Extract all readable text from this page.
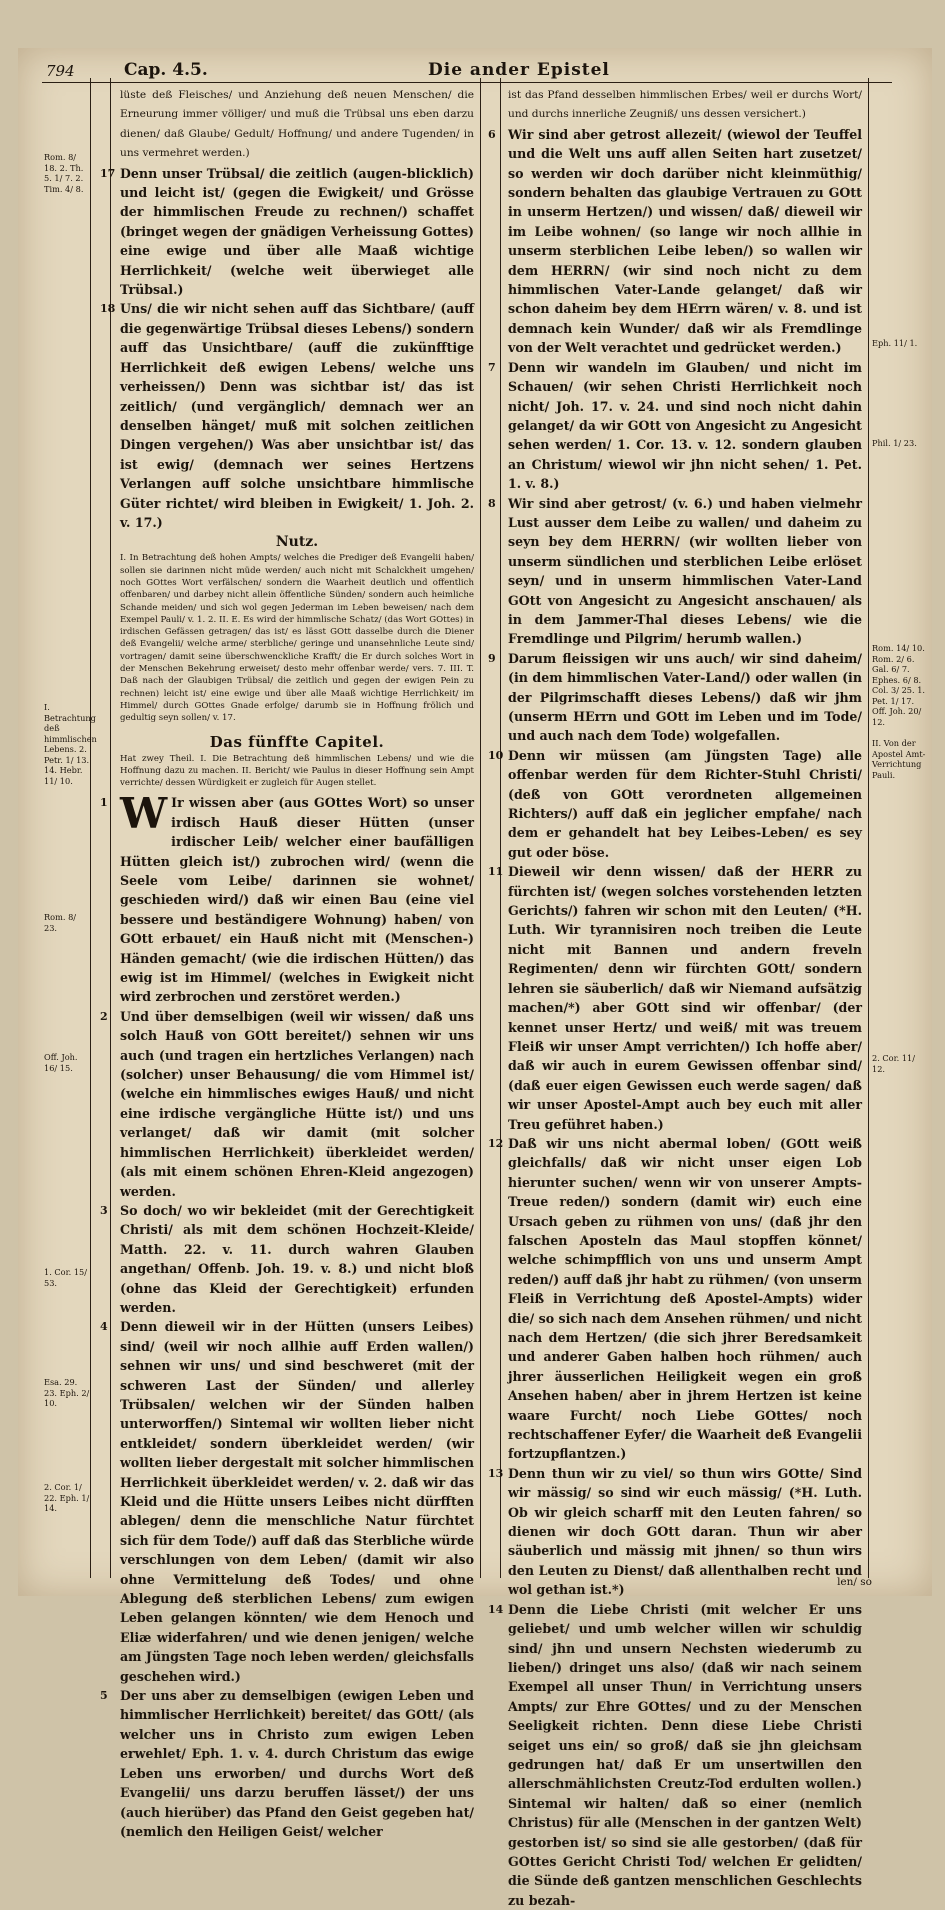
794	Cap. 4.5.	Die ander Epistel
Rom. 8/ 18. 2. Th. 5. 1/ 7. 2. Tim. 4/ 8.
I. Betrachtung deß himmlischen Lebens. 2. Petr. 1/ 13. 14. Hebr. 11/ 10.
Rom. 8/ 23.
Off. Joh. 16/ 15.
1. Cor. 15/ 53.
Esa. 29. 23. Eph. 2/ 10.
2. Cor. 1/ 22. Eph. 1/ 14.

lüste deß Fleisches/ und Anziehung deß neuen Menschen/ die Erneurung immer völliger/ und muß die Trübsal uns eben darzu dienen/ daß Glaube/ Gedult/ Hoffnung/ und andere Tugenden/ in uns vermehret werden.)

17 Denn unser Trübsal/ die zeitlich (augen-blicklich) und leicht ist/ (gegen die Ewigkeit/ und Grösse der himmlischen Freude zu rechnen/) schaffet (bringet wegen der gnädigen Verheissung Gottes) eine ewige und über alle Maaß wichtige Herrlichkeit/ (welche weit überwieget alle Trübsal.)

18 Uns/ die wir nicht sehen auff das Sichtbare/ (auff die gegenwärtige Trübsal dieses Lebens/) sondern auff das Unsichtbare/ (auff die zukünfftige Herrlichkeit deß ewigen Lebens/ welche uns verheissen/) Denn was sichtbar ist/ das ist zeitlich/ (und vergänglich/ demnach wer an denselben hänget/ muß mit solchen zeitlichen Dingen vergehen/) Was aber unsichtbar ist/ das ist ewig/ (demnach wer seines Hertzens Verlangen auff solche unsichtbare himmlische Güter richtet/ wird bleiben in Ewigkeit/ 1. Joh. 2. v. 17.)

Nutz.

I. In Betrachtung deß hohen Ampts/ welches die Prediger deß Evangelii haben/ sollen sie darinnen nicht müde werden/ auch nicht mit Schalckheit umgehen/ noch GOttes Wort verfälschen/ sondern die Waarheit deutlich und offentlich offenbaren/ und darbey nicht allein öffentliche Sünden/ sondern auch heimliche Schande meiden/ und sich wol gegen Jederman im Leben beweisen/ nach dem Exempel Pauli/ v. 1. 2. II. E. Es wird der himmlische Schatz/ (das Wort GOttes) in irdischen Gefässen getragen/ das ist/ es lässt GOtt dasselbe durch die Diener deß Evangelii/ welche arme/ sterbliche/ geringe und unansehnliche Leute sind/ vortragen/ damit seine überschwenckliche Krafft/ die Er durch solches Wort in der Menschen Bekehrung erweiset/ desto mehr offenbar werde/ vers. 7. III. T. Daß nach der Glaubigen Trübsal/ die zeitlich und gegen der ewigen Pein zu rechnen) leicht ist/ eine ewige und über alle Maaß wichtige Herrlichkeit/ im Himmel/ durch GOttes Gnade erfolge/ darumb sie in Hoffnung frölich und gedultig seyn sollen/ v. 17.

Das fünffte Capitel.

Hat zwey Theil. I. Die Betrachtung deß himmlischen Lebens/ und wie die Hoffnung dazu zu machen. II. Bericht/ wie Paulus in dieser Hoffnung sein Ampt verrichte/ dessen Würdigkeit er zugleich für Augen stellet.

1 W Ir wissen aber (aus GOttes Wort) so unser irdisch Hauß dieser Hütten (unser irdischer Leib/ welcher einer baufälligen Hütten gleich ist/) zubrochen wird/ (wenn die Seele vom Leibe/ darinnen sie wohnet/ geschieden wird/) daß wir einen Bau (eine viel bessere und beständigere Wohnung) haben/ von GOtt erbauet/ ein Hauß nicht mit (Menschen-) Händen gemacht/ (wie die irdischen Hütten/) das ewig ist im Himmel/ (welches in Ewigkeit nicht wird zerbrochen und zerstöret werden.)

2 Und über demselbigen (weil wir wissen/ daß uns solch Hauß von GOtt bereitet/) sehnen wir uns auch (und tragen ein hertzliches Verlangen) nach (solcher) unser Behausung/ die vom Himmel ist/ (welche ein himmlisches ewiges Hauß/ und nicht eine irdische vergängliche Hütte ist/) und uns verlanget/ daß wir damit (mit solcher himmlischen Herrlichkeit) überkleidet werden/ (als mit einem schönen Ehren-Kleid angezogen) werden.

3 So doch/ wo wir bekleidet (mit der Gerechtigkeit Christi/ als mit dem schönen Hochzeit-Kleide/ Matth. 22. v. 11. durch wahren Glauben angethan/ Offenb. Joh. 19. v. 8.) und nicht bloß (ohne das Kleid der Gerechtigkeit) erfunden werden.

4 Denn dieweil wir in der Hütten (unsers Leibes) sind/ (weil wir noch allhie auff Erden wallen/) sehnen wir uns/ und sind beschweret (mit der schweren Last der Sünden/ und allerley Trübsalen/ welchen wir der Sünden halben unterworffen/) Sintemal wir wollten lieber nicht entkleidet/ sondern überkleidet werden/ (wir wollten lieber dergestalt mit solcher himmlischen Herrlichkeit überkleidet werden/ v. 2. daß wir das Kleid und die Hütte unsers Leibes nicht dürfften ablegen/ denn die menschliche Natur fürchtet sich für dem Tode/) auff daß das Sterbliche würde verschlungen von dem Leben/ (damit wir also ohne Vermittelung deß Todes/ und ohne Ablegung deß sterblichen Lebens/ zum ewigen Leben gelangen könnten/ wie dem Henoch und Eliæ widerfahren/ und wie denen jenigen/ welche am Jüngsten Tage noch leben werden/ gleichsfalls geschehen wird.)

5 Der uns aber zu demselbigen (ewigen Leben und himmlischer Herrlichkeit) bereitet/ das GOtt/ (als welcher uns in Christo zum ewigen Leben erwehlet/ Eph. 1. v. 4. durch Christum das ewige Leben uns erworben/ und durchs Wort deß Evangelii/ uns darzu beruffen lässet/) der uns (auch hierüber) das Pfand den Geist gegeben hat/ (nemlich den Heiligen Geist/ welcher

ist das Pfand desselben himmlischen Erbes/ weil er durchs Wort/ und durchs innerliche Zeugniß/ uns dessen versichert.)

6 Wir sind aber getrost allezeit/ (wiewol der Teuffel und die Welt uns auff allen Seiten hart zusetzet/ so werden wir doch darüber nicht kleinmüthig/ sondern behalten das glaubige Vertrauen zu GOtt in unserm Hertzen/) und wissen/ daß/ dieweil wir im Leibe wohnen/ (so lange wir noch allhie in unserm sterblichen Leibe leben/) so wallen wir dem HERRN/ (wir sind noch nicht zu dem himmlischen Vater-Lande gelanget/ daß wir schon daheim bey dem HErrn wären/ v. 8. und ist demnach kein Wunder/ daß wir als Fremdlinge von der Welt verachtet und gedrücket werden.)

7 Denn wir wandeln im Glauben/ und nicht im Schauen/ (wir sehen Christi Herrlichkeit noch nicht/ Joh. 17. v. 24. und sind noch nicht dahin gelanget/ da wir GOtt von Angesicht zu Angesicht sehen werden/ 1. Cor. 13. v. 12. sondern glauben an Christum/ wiewol wir jhn nicht sehen/ 1. Pet. 1. v. 8.)

8 Wir sind aber getrost/ (v. 6.) und haben vielmehr Lust ausser dem Leibe zu wallen/ und daheim zu seyn bey dem HERRN/ (wir wollten lieber von unserm sündlichen und sterblichen Leibe erlöset seyn/ und in unserm himmlischen Vater-Land GOtt von Angesicht zu Angesicht anschauen/ als in dem Jammer-Thal dieses Lebens/ wie die Fremdlinge und Pilgrim/ herumb wallen.)

9 Darum fleissigen wir uns auch/ wir sind daheim/ (in dem himmlischen Vater-Land/) oder wallen (in der Pilgrimschafft dieses Lebens/) daß wir jhm (unserm HErrn und GOtt im Leben und im Tode/ und auch nach dem Tode) wolgefallen.

10 Denn wir müssen (am Jüngsten Tage) alle offenbar werden für dem Richter-Stuhl Christi/ (deß von GOtt verordneten allgemeinen Richters/) auff daß ein jeglicher empfahe/ nach dem er gehandelt hat bey Leibes-Leben/ es sey gut oder böse.

11 Dieweil wir denn wissen/ daß der HERR zu fürchten ist/ (wegen solches vorstehenden letzten Gerichts/) fahren wir schon mit den Leuten/ (*H. Luth. Wir tyrannisiren noch treiben die Leute nicht mit Bannen und andern freveln Regimenten/ denn wir fürchten GOtt/ sondern lehren sie säuberlich/ daß wir Niemand aufsätzig machen/*) aber GOtt sind wir offenbar/ (der kennet unser Hertz/ und weiß/ mit was treuem Fleiß wir unser Ampt verrichten/) Ich hoffe aber/ daß wir auch in eurem Gewissen offenbar sind/ (daß euer eigen Gewissen euch werde sagen/ daß wir unser Apostel-Ampt auch bey euch mit aller Treu geführet haben.)

12 Daß wir uns nicht abermal loben/ (GOtt weiß gleichfalls/ daß wir nicht unser eigen Lob hierunter suchen/ wenn wir von unserer Ampts-Treue reden/) sondern (damit wir) euch eine Ursach geben zu rühmen von uns/ (daß jhr den falschen Aposteln das Maul stopffen könnet/ welche schimpfflich von uns und unserm Ampt reden/) auff daß jhr habt zu rühmen/ (von unserm Fleiß in Verrichtung deß Apostel-Ampts) wider die/ so sich nach dem Ansehen rühmen/ und nicht nach dem Hertzen/ (die sich jhrer Beredsamkeit und anderer Gaben halben hoch rühmen/ auch jhrer äusserlichen Heiligkeit wegen ein groß Ansehen haben/ aber in jhrem Hertzen ist keine waare Furcht/ noch Liebe GOttes/ noch rechtschaffener Eyfer/ die Waarheit deß Evangelii fortzupflantzen.)

13 Denn thun wir zu viel/ so thun wirs GOtte/ Sind wir mässig/ so sind wir euch mässig/ (*H. Luth. Ob wir gleich scharff mit den Leuten fahren/ so dienen wir doch GOtt daran. Thun wir aber säuberlich und mässig mit jhnen/ so thun wirs den Leuten zu Dienst/ daß allenthalben recht und wol gethan ist.*)

14 Denn die Liebe Christi (mit welcher Er uns geliebet/ und umb welcher willen wir schuldig sind/ jhn und unsern Nechsten wiederumb zu lieben/) dringet uns also/ (daß wir nach seinem Exempel all unser Thun/ in Verrichtung unsers Ampts/ zur Ehre GOttes/ und zu der Menschen Seeligkeit richten. Denn diese Liebe Christi seiget uns ein/ so groß/ daß sie jhn gleichsam gedrungen hat/ daß Er um unsertwillen den allerschmählichsten Creutz-Tod erdulten wollen.) Sintemal wir halten/ daß so einer (nemlich Christus) für alle (Menschen in der gantzen Welt) gestorben ist/ so sind sie alle gestorben/ (daß für GOttes Gericht Christi Tod/ welchen Er gelidten/ die Sünde deß gantzen menschlichen Geschlechts zu bezah-

Eph. 11/ 1.
Phil. 1/ 23.
Rom. 14/ 10. Rom. 2/ 6. Gal. 6/ 7. Ephes. 6/ 8. Col. 3/ 25. 1. Pet. 1/ 17. Off. Joh. 20/ 12.
II. Von der Apostel Amt- Verrichtung Pauli.
2. Cor. 11/ 12.
len/ so
